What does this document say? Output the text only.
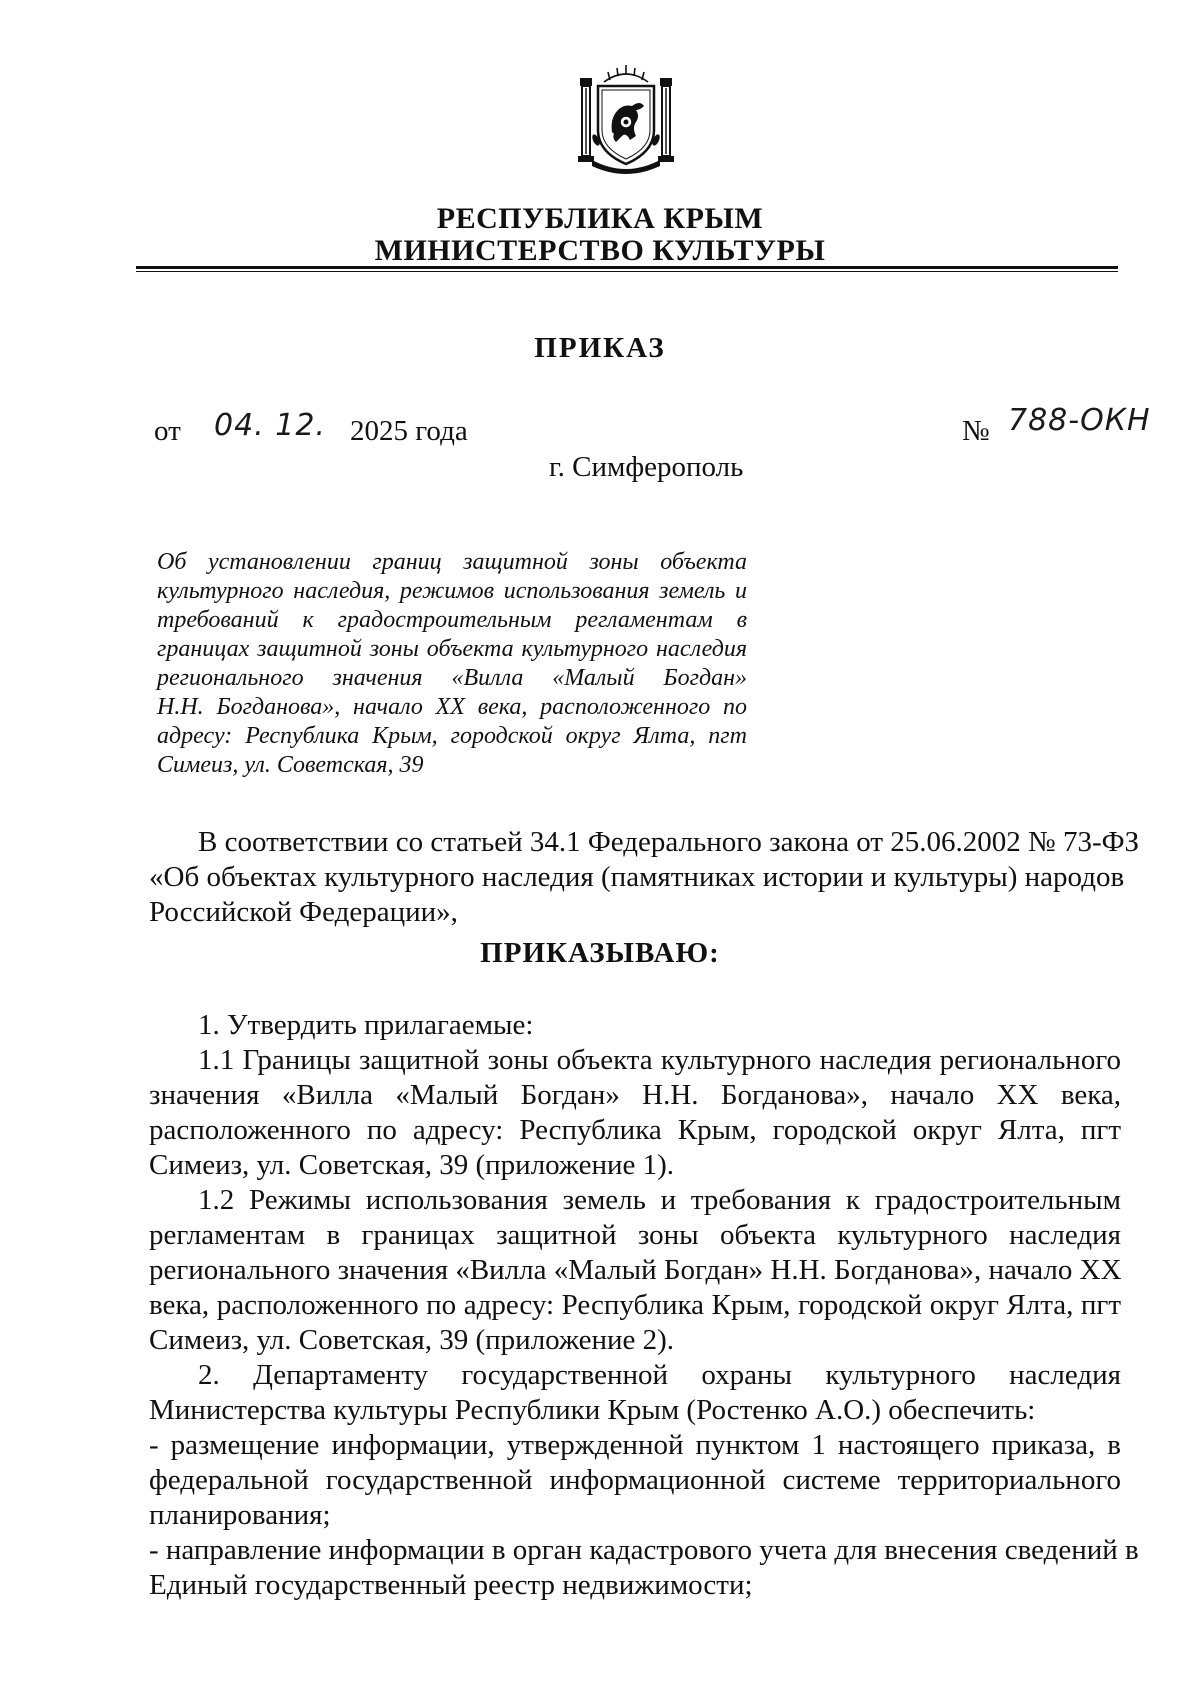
РЕСПУБЛИКА КРЫМ
МИНИСТЕРСТВО КУЛЬТУРЫ
ПРИКАЗ
от 04. 12. 2025 года	№ 788-ОКН
г. Симферополь
Об установлении границ защитной зоны объекта
культурного наследия, режимов использования земель и
требований к градостроительным регламентам в
границах защитной зоны объекта культурного наследия
регионального значения «Вилла «Малый Богдан»
Н.Н. Богданова», начало XX века, расположенного по
адресу: Республика Крым, городской округ Ялта, пгт
Симеиз, ул. Советская, 39
В соответствии со статьей 34.1 Федерального закона от 25.06.2002 № 73-ФЗ
«Об объектах культурного наследия (памятниках истории и культуры) народов
Российской Федерации»,
ПРИКАЗЫВАЮ:
1. Утвердить прилагаемые:
1.1 Границы защитной зоны объекта культурного наследия регионального
значения «Вилла «Малый Богдан» Н.Н. Богданова», начало XX века,
расположенного по адресу: Республика Крым, городской округ Ялта, пгт
Симеиз, ул. Советская, 39 (приложение 1).
1.2 Режимы использования земель и требования к градостроительным
регламентам в границах защитной зоны объекта культурного наследия
регионального значения «Вилла «Малый Богдан» Н.Н. Богданова», начало XX
века, расположенного по адресу: Республика Крым, городской округ Ялта, пгт
Симеиз, ул. Советская, 39 (приложение 2).
2. Департаменту государственной охраны культурного наследия
Министерства культуры Республики Крым (Ростенко А.О.) обеспечить:
- размещение информации, утвержденной пунктом 1 настоящего приказа, в
федеральной государственной информационной системе территориального
планирования;
- направление информации в орган кадастрового учета для внесения сведений в
Единый государственный реестр недвижимости;
